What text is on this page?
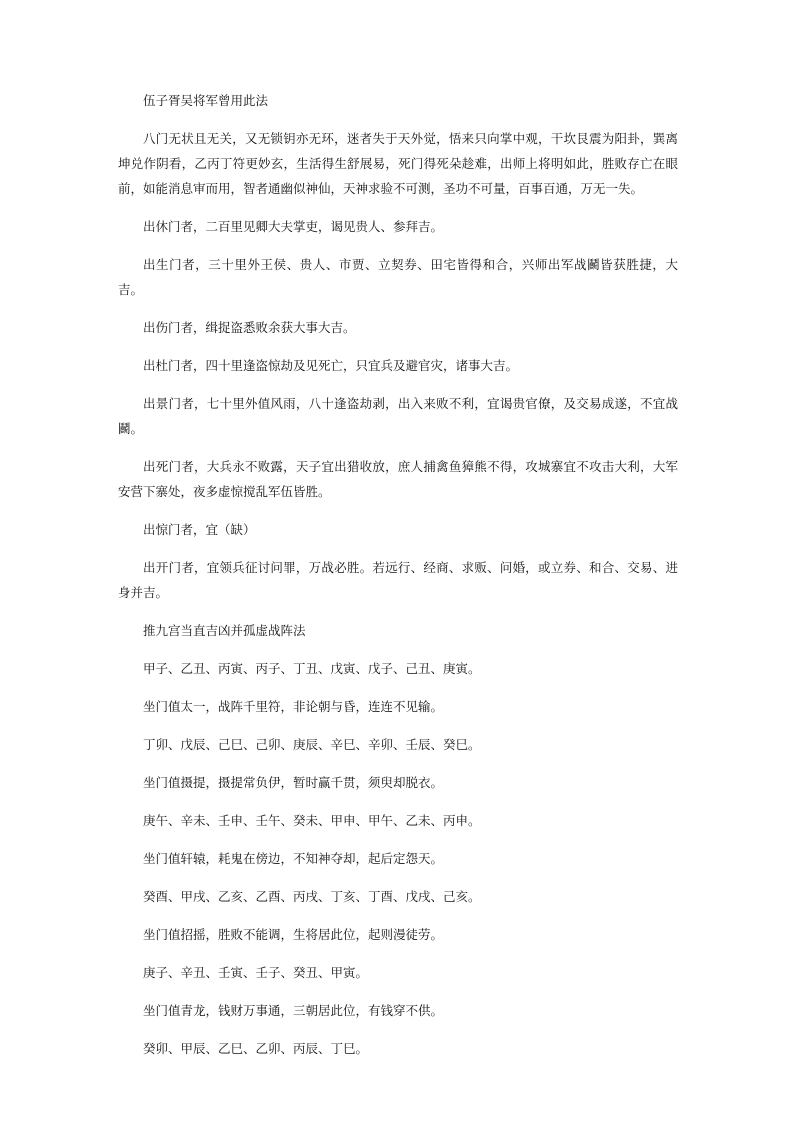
伍子胥吴将军曾用此法

八门无状且无关，又无锁钥亦无环，迷者失于天外觉，悟来只向掌中观，干坎艮震为阳卦，巽离坤兑作阴看，乙丙丁符更妙玄，生活得生舒展易，死门得死朵趁难，出师上将明如此，胜败存亡在眼前，如能消息审而用，智者通幽似神仙，天神求验不可测，圣功不可量，百事百通，万无一失。

出休门者，二百里见卿大夫掌吏，谒见贵人、参拜吉。

出生门者，三十里外王侯、贵人、市贾、立契券、田宅皆得和合，兴师出军战鬬皆获胜捷，大吉。

出伤门者，缉捉盗悉败余获大事大吉。

出杜门者，四十里逢盗惊劫及见死亡，只宜兵及避官灾，诸事大吉。

出景门者，七十里外值风雨，八十逢盗劫剥，出入来败不利，宜谒贵官僚，及交易成遂，不宜战鬬。

出死门者，大兵永不败露，天子宜出猎收放，庶人捕禽鱼獐熊不得，攻城寨宜不攻击大利，大军安营下寨处，夜多虚惊搅乱军伍皆胜。

出惊门者，宜（缺）

出开门者，宜领兵征讨问罪，万战必胜。若远行、经商、求贩、问婚，或立券、和合、交易、进身并吉。

推九宫当直吉凶并孤虚战阵法

甲子、乙丑、丙寅、丙子、丁丑、戊寅、戊子、己丑、庚寅。

坐门值太一，战阵千里符，非论朝与昏，连连不见输。

丁卯、戊辰、己巳、己卯、庚辰、辛巳、辛卯、壬辰、癸巳。

坐门值摄提，摄提常负伊，暂时赢千贯，须臾却脱衣。

庚午、辛未、壬申、壬午、癸未、甲申、甲午、乙未、丙申。

坐门值轩辕，耗鬼在傍边，不知神夺却，起后定怨天。

癸酉、甲戌、乙亥、乙酉、丙戌、丁亥、丁酉、戊戌、己亥。

坐门值招摇，胜败不能调，生将居此位，起则漫徒劳。

庚子、辛丑、壬寅、壬子、癸丑、甲寅。

坐门值青龙，钱财万事通，三朝居此位，有钱穿不供。

癸卯、甲辰、乙巳、乙卯、丙辰、丁巳。
